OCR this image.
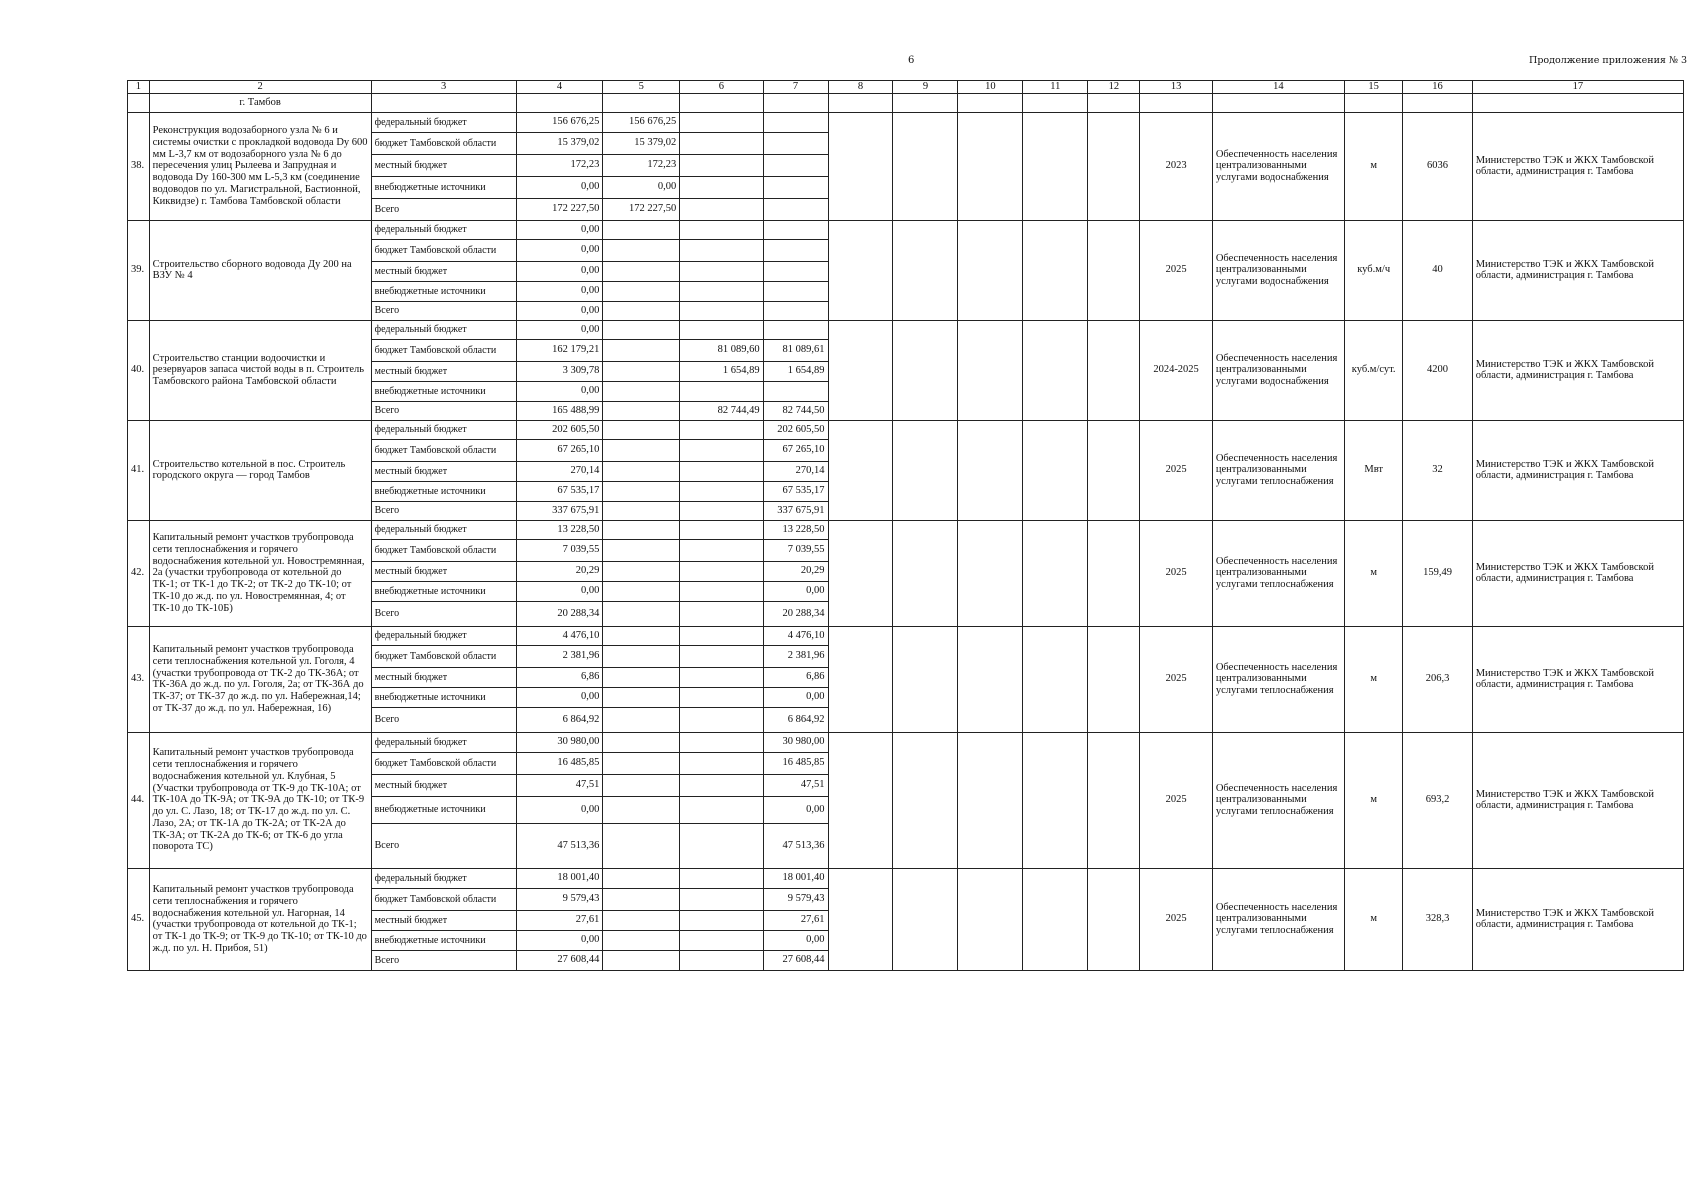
6	Продолжение приложения № 3
1	2	3	4	5	6	7	8	9	10	11	12	13	14	15	16	17
	г. Тамбов															
38.	Реконструкция водозаборного узла № 6 и системы очистки с прокладкой водовода Dy 600 мм L-3,7 км от водозаборного узла № 6 до пересечения улиц Рылеева и Запрудная и водовода Dy 160-300 мм L-5,3 км (соединение водоводов по ул. Магистральной, Бастионной, Киквидзе) г. Тамбова Тамбовской области	федеральный бюджет	156 676,25	156 676,25								2023	Обеспеченность населения централизованными услугами водоснабжения	м	6036	Министерство ТЭК и ЖКХ Тамбовской области, администрация г. Тамбова
		бюджет Тамбовской области	15 379,02	15 379,02												
		местный бюджет	172,23	172,23												
		внебюджетные источники	0,00	0,00												
		Всего	172 227,50	172 227,50												
39.	Строительство сборного водовода Ду 200 на ВЗУ № 4	федеральный бюджет	0,00									2025	Обеспеченность населения централизованными услугами водоснабжения	куб.м/ч	40	Министерство ТЭК и ЖКХ Тамбовской области, администрация г. Тамбова
		бюджет Тамбовской области	0,00													
		местный бюджет	0,00													
		внебюджетные источники	0,00													
		Всего	0,00													
40.	Строительство станции водоочистки и резервуаров запаса чистой воды в п. Строитель Тамбовского района Тамбовской области	федеральный бюджет	0,00									2024-2025	Обеспеченность населения централизованными услугами водоснабжения	куб.м/сут.	4200	Министерство ТЭК и ЖКХ Тамбовской области, администрация г. Тамбова
		бюджет Тамбовской области	162 179,21		81 089,60	81 089,61										
		местный бюджет	3 309,78		1 654,89	1 654,89										
		внебюджетные источники	0,00													
		Всего	165 488,99		82 744,49	82 744,50										
41.	Строительство котельной в пос. Строитель городского округа — город Тамбов	федеральный бюджет	202 605,50			202 605,50						2025	Обеспеченность населения централизованными услугами теплоснабжения	Мвт	32	Министерство ТЭК и ЖКХ Тамбовской области, администрация г. Тамбова
		бюджет Тамбовской области	67 265,10			67 265,10										
		местный бюджет	270,14			270,14										
		внебюджетные источники	67 535,17			67 535,17										
		Всего	337 675,91			337 675,91										
42.	Капитальный ремонт участков трубопровода сети теплоснабжения и горячего водоснабжения котельной ул. Новостремянная, 2а (участки трубопровода от котельной до ТК-1; от ТК-1 до ТК-2; от ТК-2 до ТК-10; от ТК-10 до ж.д. по ул. Новостремянная, 4; от ТК-10 до ТК-10Б)	федеральный бюджет	13 228,50			13 228,50						2025	Обеспеченность населения централизованными услугами теплоснабжения	м	159,49	Министерство ТЭК и ЖКХ Тамбовской области, администрация г. Тамбова
		бюджет Тамбовской области	7 039,55			7 039,55										
		местный бюджет	20,29			20,29										
		внебюджетные источники	0,00			0,00										
		Всего	20 288,34			20 288,34										
43.	Капитальный ремонт участков трубопровода сети теплоснабжения котельной ул. Гоголя, 4 (участки трубопровода от ТК-2 до ТК-36А; от ТК-36А до ж.д. по ул. Гоголя, 2а; от ТК-36А до ТК-37; от ТК-37 до ж.д. по ул. Набережная,14; от ТК-37 до ж.д. по ул. Набережная, 16)	федеральный бюджет	4 476,10			4 476,10						2025	Обеспеченность населения централизованными услугами теплоснабжения	м	206,3	Министерство ТЭК и ЖКХ Тамбовской области, администрация г. Тамбова
		бюджет Тамбовской области	2 381,96			2 381,96										
		местный бюджет	6,86			6,86										
		внебюджетные источники	0,00			0,00										
		Всего	6 864,92			6 864,92										
44.	Капитальный ремонт участков трубопровода сети теплоснабжения и горячего водоснабжения котельной ул. Клубная, 5 (Участки трубопровода от ТК-9 до ТК-10А; от ТК-10А до ТК-9А; от ТК-9А до ТК-10; от ТК-9 до ул. С. Лазо, 18; от ТК-17 до ж.д. по ул. С. Лазо, 2А; от ТК-1А до ТК-2А; от ТК-2А до ТК-3А; от ТК-2А до ТК-6; от ТК-6 до угла поворота ТС)	федеральный бюджет	30 980,00			30 980,00						2025	Обеспеченность населения централизованными услугами теплоснабжения	м	693,2	Министерство ТЭК и ЖКХ Тамбовской области, администрация г. Тамбова
		бюджет Тамбовской области	16 485,85			16 485,85										
		местный бюджет	47,51			47,51										
		внебюджетные источники	0,00			0,00										
		Всего	47 513,36			47 513,36										
45.	Капитальный ремонт участков трубопровода сети теплоснабжения и горячего водоснабжения котельной ул. Нагорная, 14 (участки трубопровода от котельной до ТК-1; от ТК-1 до ТК-9; от ТК-9 до ТК-10; от ТК-10 до ж.д. по ул. Н. Прибоя, 51)	федеральный бюджет	18 001,40			18 001,40						2025	Обеспеченность населения централизованными услугами теплоснабжения	м	328,3	Министерство ТЭК и ЖКХ Тамбовской области, администрация г. Тамбова
		бюджет Тамбовской области	9 579,43			9 579,43										
		местный бюджет	27,61			27,61										
		внебюджетные источники	0,00			0,00										
		Всего	27 608,44			27 608,44										
